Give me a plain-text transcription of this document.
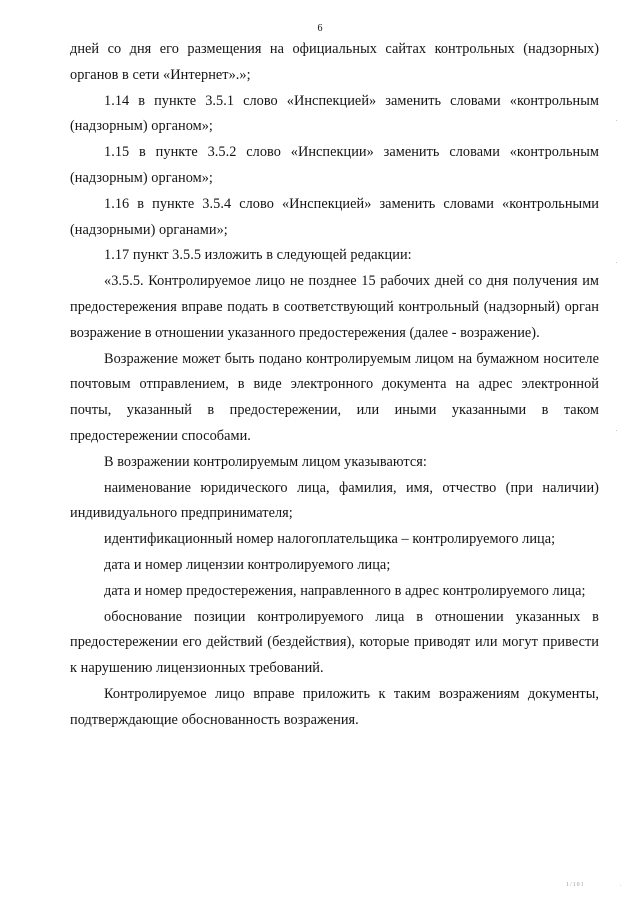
6

дней со дня его размещения на официальных сайтах контрольных (надзорных) органов в сети «Интернет».»;

1.14 в пункте 3.5.1 слово «Инспекцией» заменить словами «контрольным (надзорным) органом»;

1.15 в пункте 3.5.2 слово «Инспекции» заменить словами «контрольным (надзорным) органом»;

1.16 в пункте 3.5.4 слово «Инспекцией» заменить словами «контрольными (надзорными) органами»;

1.17 пункт 3.5.5 изложить в следующей редакции:

«3.5.5. Контролируемое лицо не позднее 15 рабочих дней со дня получения им предостережения вправе подать в соответствующий контрольный (надзорный) орган возражение в отношении указанного предостережения (далее - возражение).

Возражение может быть подано контролируемым лицом на бумажном носителе почтовым отправлением, в виде электронного документа на адрес электронной почты, указанный в предостережении, или иными указанными в таком предостережении способами.

В возражении контролируемым лицом указываются:

наименование юридического лица, фамилия, имя, отчество (при наличии) индивидуального предпринимателя;

идентификационный номер налогоплательщика – контролируемого лица;

дата и номер лицензии контролируемого лица;

дата и номер предостережения, направленного в адрес контролируемого лица;

обоснование позиции контролируемого лица в отношении указанных в предостережении его действий (бездействия), которые приводят или могут привести к нарушению лицензионных требований.

Контролируемое лицо вправе приложить к таким возражениям документы, подтверждающие обоснованность возражения.

1/101	.
